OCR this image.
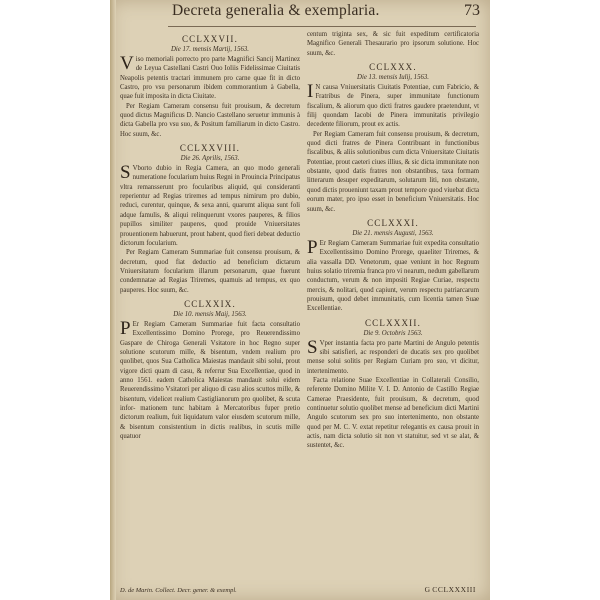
Decreta generalia & exemplaria.	73
CCLXXVII.
Die 17. mensis Martij, 1563.

Viso memoriali porrecto pro parte Magnifici Sancij Martinez de Leyua Castellani Castri Ouo Ioliis Fidelissimae Ciuitatis Neapolis petentis tractari immunem pro carne quae fit in dicto Castro, pro vsu personarum ibidem commorantium à Gabella, quae fuit imposita in dicta Ciuitate.

Per Regiam Cameram consensu fuit prouisum, & decretum quod dictus Magnificus D. Nancio Castellano seruetur immunis à dicta Gabella pro vsu suo, & Positum familiarum in dicto Castro. Hoc suum, &c.

CCLXXVIII.
Die 26. Aprilis, 1563.

S Vborto dubio in Regia Camera, an quo modo generali numeratione focularium huius Regni in Prouincia Principatus vltra remansserunt pro focularibus aliquid, qui consideranti reperientur ad Regias triremes ad tempus nimirum pro dubio, reduci, curentur, quinque, & sexa anni, quarumt aliqua sunt foli adque famulis, & aliqui relinquerunt vxores pauperes, & filios pupillos similiter pauperes, quod prouide Vniuersitates prouentionem habuerunt, prout habent, quod fieri debeat deductio dictorum focularium.

Per Regiam Cameram Summariae fuit consensu prouisum, & decretum, quod fiat deductio ad beneficium dictarum Vniuersitatum focularium illarum personarum, quae fuerunt condemnatae ad Regias Triremes, quamuis ad tempus, ex quo pauperes. Hoc suum, &c.

CCLXXIX.
Die 10. mensis Maij, 1563.

P Er Regiam Cameram Summariae fuit facta consultatio Excellentissimo Domino Prorege, pro Reuerendissimo Gaspare de Chiroga Generali Vsitatore in hoc Regno super solutione scutorum mille, & bisentum, vndem realium pro quolibet, quos Sua Catholica Maiestas mandauit sibi solui, prout vigore dicti quam di casu, & referrur Sua Excellentiae, quod in anno 1561. eadem Catholica Maiestas mandauit solui eidem Reuerendissimo Vsitatori per aliquo di casu alios scuttos mille, & bisentum, videlicet realium Castiglianorum pro quolibet, & scuta infor- mationem tunc habitam à Mercatoribus fuper pretio dictorum realium, fuit liquidatum valor eiusdem scutorum mille, & bisentum consistentium in dictis realibus, in scutis mille quatuor

centum triginta sex, & sic fuit expeditum certificatoria Magnifico Generali Thesaurario pro ipsorum solutione. Hoc suum, &c.

CCLXXX.
Die 13. mensis Iulij, 1563.

I N causa Vniuersitatis Ciuitatis Potentiae, cum Fabricio, & Fratribus de Pinera, super immunitate functionum fiscalium, & aliorum quo dicti fratres gaudere praetendunt, vt filij quondam Iacobi de Pinera immunitatis privilegio decedente filiorum, prout ex actis.

Per Regiam Cameram fuit consensu prouisum, & decretum, quod dicti fratres de Pinera Contribuant in functionibus fiscalibus, & aliis solutionibus cum dicta Vniuersitate Ciuitatis Potentiae, prout caeteri ciues illius, & sic dicta immunitate non obstante, quod datis fratres non obstantibus, taxa formam litterarum desuper expeditarum, solutarum liti, non obstante, quod dictis proueniunt taxam prout tempore quod viuebat dicta eorum mater, pro ipso esset in beneficium Vniuersitatis. Hoc suum, &c.

CCLXXXI.
Die 21. mensis Augusti, 1563.

P Er Regiam Cameram Summariae fuit expedita consultatio Excellentissimo Domino Prorege, quaeliter Triremes, & alia vassalla DD. Venetorum, quae veniunt in hoc Regnum huius solatio triremia franca pro vi nearum, nedum gabellarum conductum, verum & non impositi Regiae Curiae, respectu mercis, & nolitari, quod capiunt, verum respectu patriarcarum prouisum, quod debet immunitatis, cum licentia tamen Suae Excellentiae.

CCLXXXII.
Die 9. Octobris 1563.

S Vper instantia facta pro parte Martini de Angulo petentis sibi satisfieri, ac responderi de ducatis sex pro quolibet mense solui solitis per Regiam Curiam pro suo, vt dicitur, intertenimento.

Facta relatione Suae Excellentiae in Collaterali Consilio, referente Domino Milite V. I. D. Antonio de Castillo Regiae Camerae Praesidente, fuit prouisum, & decretum, quod continuetur solutio quolibet mense ad beneficium dicti Martini Angulo scutorum sex pro suo intertenimento, non obstante quod per M. C. V. extat repetitur relegantis ex causa prouit in actis, nam dicta solutio sit non vt statuitur, sed vt se alat, & sustentet, &c.

D. de Marin. Collect. Decr. gener. & exempl.	G CCLXXXIII
